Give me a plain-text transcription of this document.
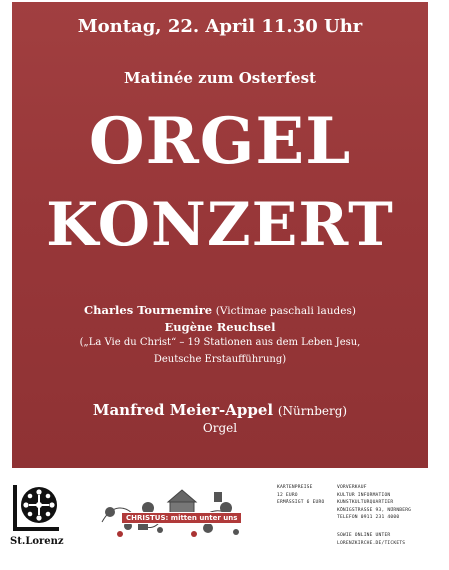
Montag, 22. April 11.30 Uhr
Matinée zum Osterfest
ORGEL
KONZERT
Charles Tournemire (Victimae paschali laudes)
Eugène Reuchsel
(„La Vie du Christ“ – 19 Stationen aus dem Leben Jesu,
Deutsche Erstaufführung)
Manfred Meier-Appel (Nürnberg)
Orgel
St.Lorenz
CHRISTUS: mitten unter uns
KARTENPREISE
12 EURO
ERMÄSSIGT 6 EURO
VORVERKAUF
KULTUR INFORMATION
KUNSTKULTURQUARTIER
KÖNIGSTRASSE 93, NÜRNBERG
TELEFON 0911 231 4000
SOWIE ONLINE UNTER
LORENZKIRCHE.DE/TICKETS
